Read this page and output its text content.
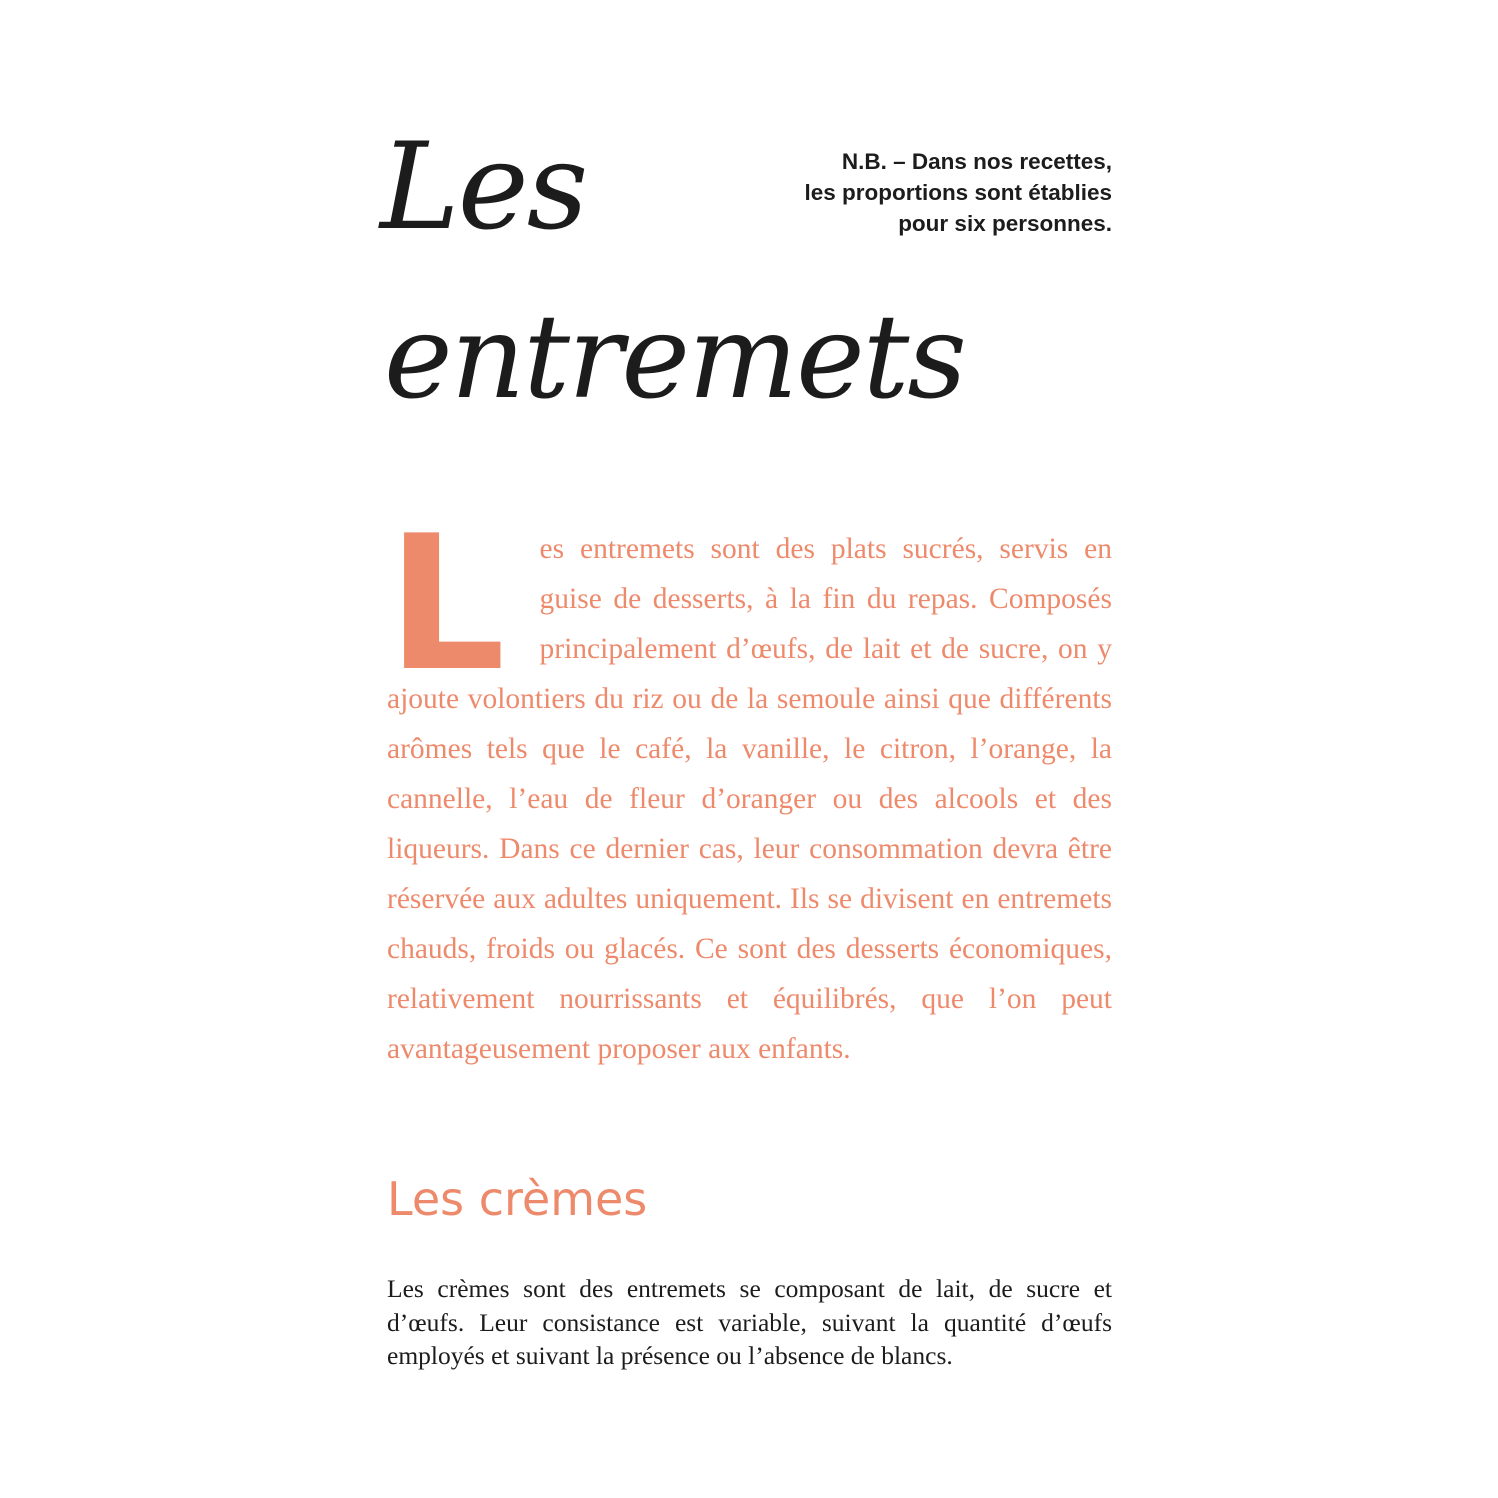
Les
entremets
N.B. – Dans nos recettes,
les proportions sont établies
pour six personnes.
L es entremets sont des plats sucrés, servis en guise de desserts, à la fin du repas. Composés principalement d’œufs, de lait et de sucre, on y ajoute volontiers du riz ou de la semoule ainsi que différents arômes tels que le café, la vanille, le citron, l’orange, la cannelle, l’eau de fleur d’oranger ou des alcools et des liqueurs. Dans ce dernier cas, leur consommation devra être réservée aux adultes uniquement. Ils se divisent en entremets chauds, froids ou glacés. Ce sont des desserts économiques, relativement nourrissants et équilibrés, que l’on peut avantageusement proposer aux enfants.
Les crèmes
Les crèmes sont des entremets se composant de lait, de sucre et d’œufs. Leur consistance est variable, suivant la quantité d’œufs employés et suivant la présence ou l’absence de blancs.
